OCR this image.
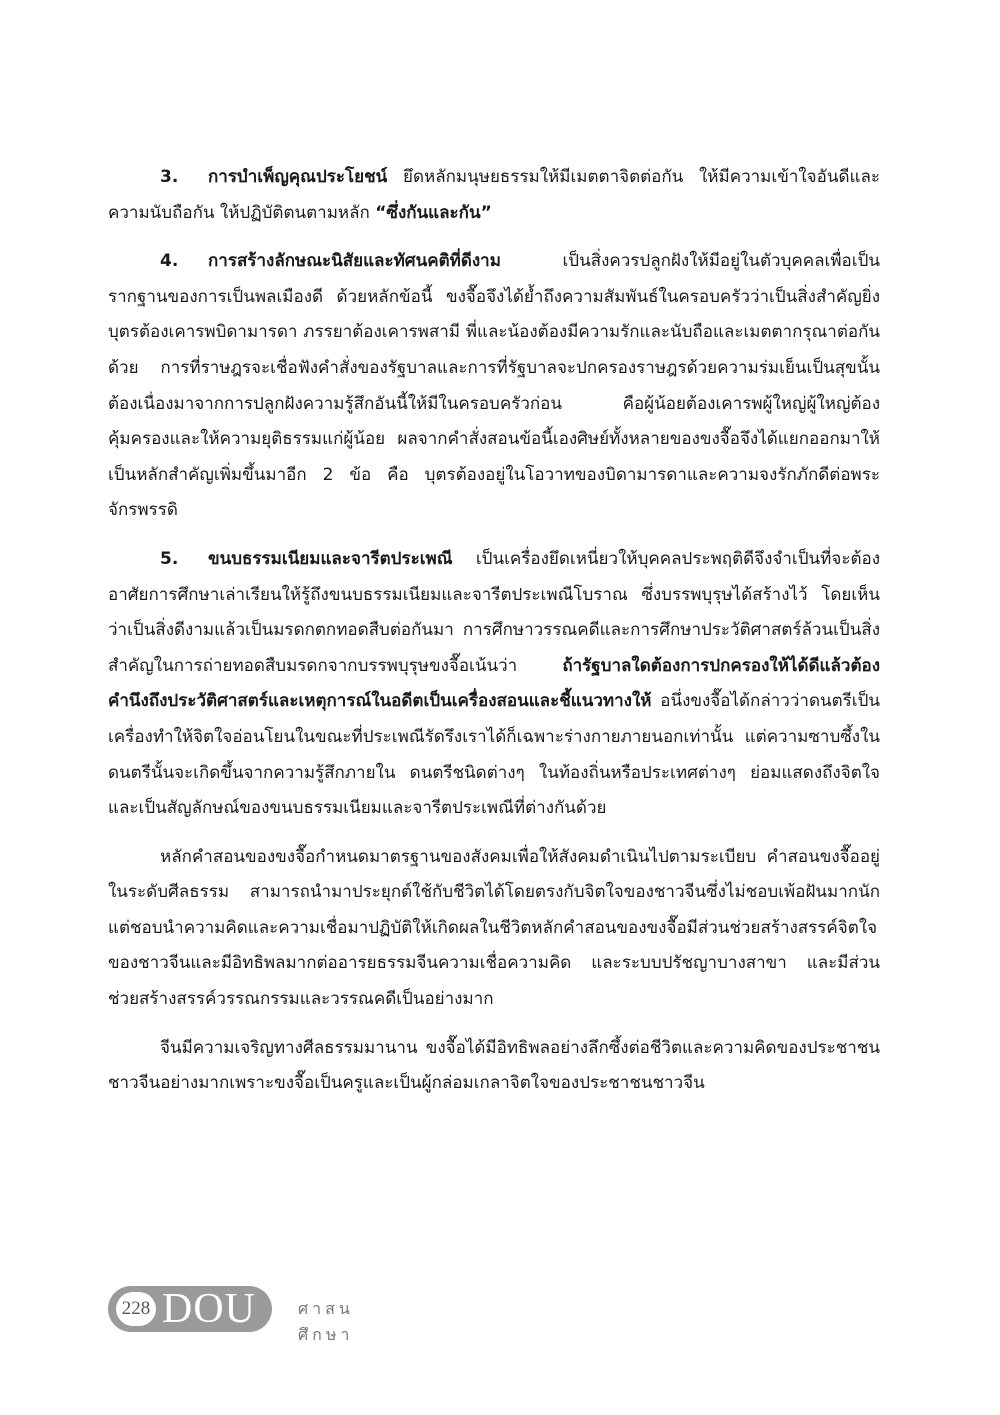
3. การบำเพ็ญคุณประโยชน์ ยึดหลักมนุษยธรรมให้มีเมตตาจิตต่อกัน ให้มีความเข้าใจอันดีและความนับถือกัน ให้ปฏิบัติตนตามหลัก “ซึ่งกันและกัน”

4. การสร้างลักษณะนิสัยและทัศนคติที่ดีงาม	เป็นสิ่งควรปลูกฝังให้มีอยู่ในตัวบุคคลเพื่อเป็นรากฐานของการเป็นพลเมืองดี ด้วยหลักข้อนี้ ขงจื๊อจึงได้ย้ำถึงความสัมพันธ์ในครอบครัวว่าเป็นสิ่งสำคัญยิ่ง บุตรต้องเคารพบิดามารดา ภรรยาต้องเคารพสามี พี่และน้องต้องมีความรักและนับถือและเมตตากรุณาต่อกันด้วย การที่ราษฎรจะเชื่อฟังคำสั่งของรัฐบาลและการที่รัฐบาลจะปกครองราษฎรด้วยความร่มเย็นเป็นสุขนั้น ต้องเนื่องมาจากการปลูกฝังความรู้สึกอันนี้ให้มีในครอบครัวก่อน คือผู้น้อยต้องเคารพผู้ใหญ่ผู้ใหญ่ต้องคุ้มครองและให้ความยุติธรรมแก่ผู้น้อย ผลจากคำสั่งสอนข้อนี้เองศิษย์ทั้งหลายของขงจื๊อจึงได้แยกออกมาให้เป็นหลักสำคัญเพิ่มขึ้นมาอีก 2 ข้อ คือ บุตรต้องอยู่ในโอวาทของบิดามารดาและความจงรักภักดีต่อพระจักรพรรดิ

5. ขนบธรรมเนียมและจารีตประเพณี เป็นเครื่องยึดเหนี่ยวให้บุคคลประพฤติดีจึงจำเป็นที่จะต้องอาศัยการศึกษาเล่าเรียนให้รู้ถึงขนบธรรมเนียมและจารีตประเพณีโบราณ ซึ่งบรรพบุรุษได้สร้างไว้ โดยเห็นว่าเป็นสิ่งดีงามแล้วเป็นมรดกตกทอดสืบต่อกันมา การศึกษาวรรณคดีและการศึกษาประวัติศาสตร์ล้วนเป็นสิ่งสำคัญในการถ่ายทอดสืบมรดกจากบรรพบุรุษขงจื๊อเน้นว่า	ถ้ารัฐบาลใดต้องการปกครองให้ได้ดีแล้วต้องคำนึงถึงประวัติศาสตร์และเหตุการณ์ในอดีตเป็นเครื่องสอนและชี้แนวทางให้ อนึ่งขงจื๊อได้กล่าวว่าดนตรีเป็นเครื่องทำให้จิตใจอ่อนโยนในขณะที่ประเพณีรัดรึงเราได้ก็เฉพาะร่างกายภายนอกเท่านั้น แต่ความซาบซึ้งในดนตรีนั้นจะเกิดขึ้นจากความรู้สึกภายใน ดนตรีชนิดต่างๆ ในท้องถิ่นหรือประเทศต่างๆ ย่อมแสดงถึงจิตใจและเป็นสัญลักษณ์ของขนบธรรมเนียมและจารีตประเพณีที่ต่างกันด้วย

หลักคำสอนของขงจื๊อกำหนดมาตรฐานของสังคมเพื่อให้สังคมดำเนินไปตามระเบียบ คำสอนขงจื๊ออยู่ในระดับศีลธรรม สามารถนำมาประยุกต์ใช้กับชีวิตได้โดยตรงกับจิตใจของชาวจีนซึ่งไม่ชอบเพ้อฝันมากนัก แต่ชอบนำความคิดและความเชื่อมาปฏิบัติให้เกิดผลในชีวิตหลักคำสอนของขงจื๊อมีส่วนช่วยสร้างสรรค์จิตใจของชาวจีนและมีอิทธิพลมากต่ออารยธรรมจีนความเชื่อความคิด และระบบปรัชญาบางสาขา และมีส่วนช่วยสร้างสรรค์วรรณกรรมและวรรณคดีเป็นอย่างมาก

จีนมีความเจริญทางศีลธรรมมานาน ขงจื๊อได้มีอิทธิพลอย่างลึกซึ้งต่อชีวิตและความคิดของประชาชนชาวจีนอย่างมากเพราะขงจื๊อเป็นครูและเป็นผู้กล่อมเกลาจิตใจของประชาชนชาวจีน

228 DOU	ศาสนศึกษา
